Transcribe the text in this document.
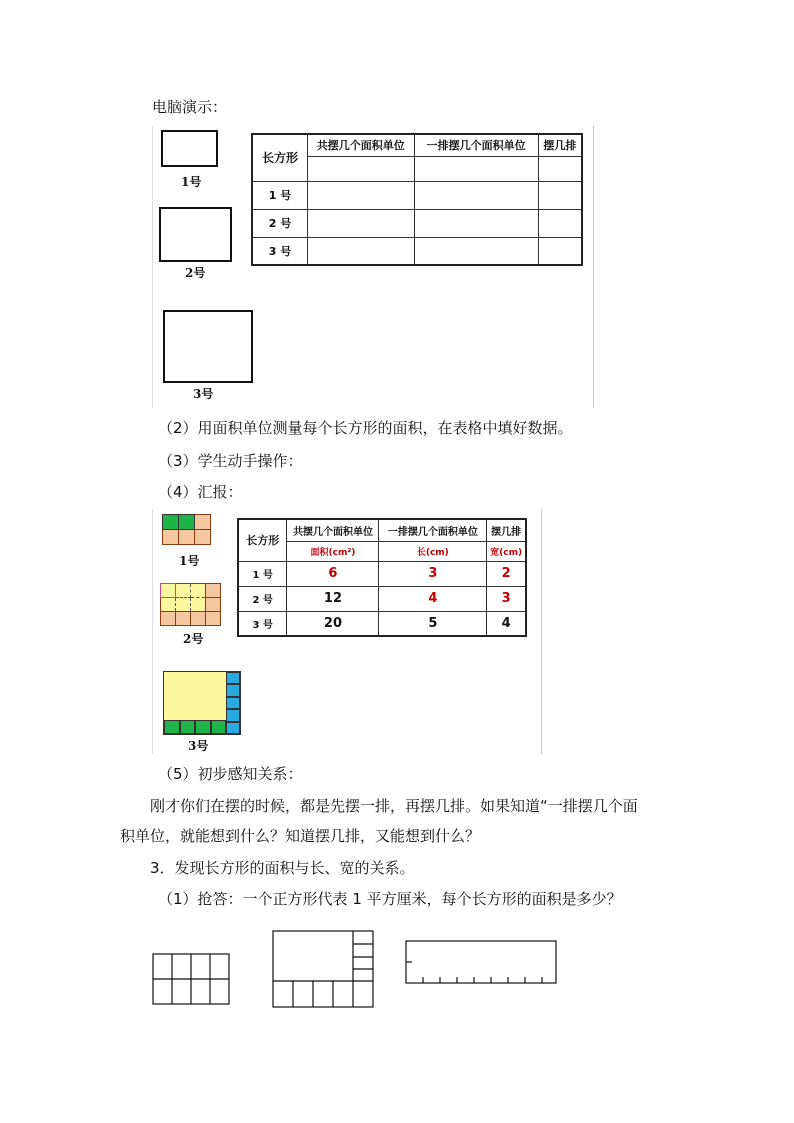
电脑演示：
1号
2号
3号
长方形	共摆几个面积单位	一排摆几个面积单位	摆几排

1 号			
2 号			
3 号			
（2）用面积单位测量每个长方形的面积，在表格中填好数据。
（3）学生动手操作：
（4）汇报：

1号

2号
3号
长方形	共摆几个面积单位	一排摆几个面积单位	摆几排
	面积(cm²)	长(cm)	宽(cm)
1 号	6	3	2
2 号	12	4	3
3 号	20	5	4
（5）初步感知关系：
刚才你们在摆的时候，都是先摆一排，再摆几排。如果知道“一排摆几个面
积单位，就能想到什么？知道摆几排，又能想到什么？
3．发现长方形的面积与长、宽的关系。
（1）抢答：一个正方形代表 1 平方厘米，每个长方形的面积是多少？
